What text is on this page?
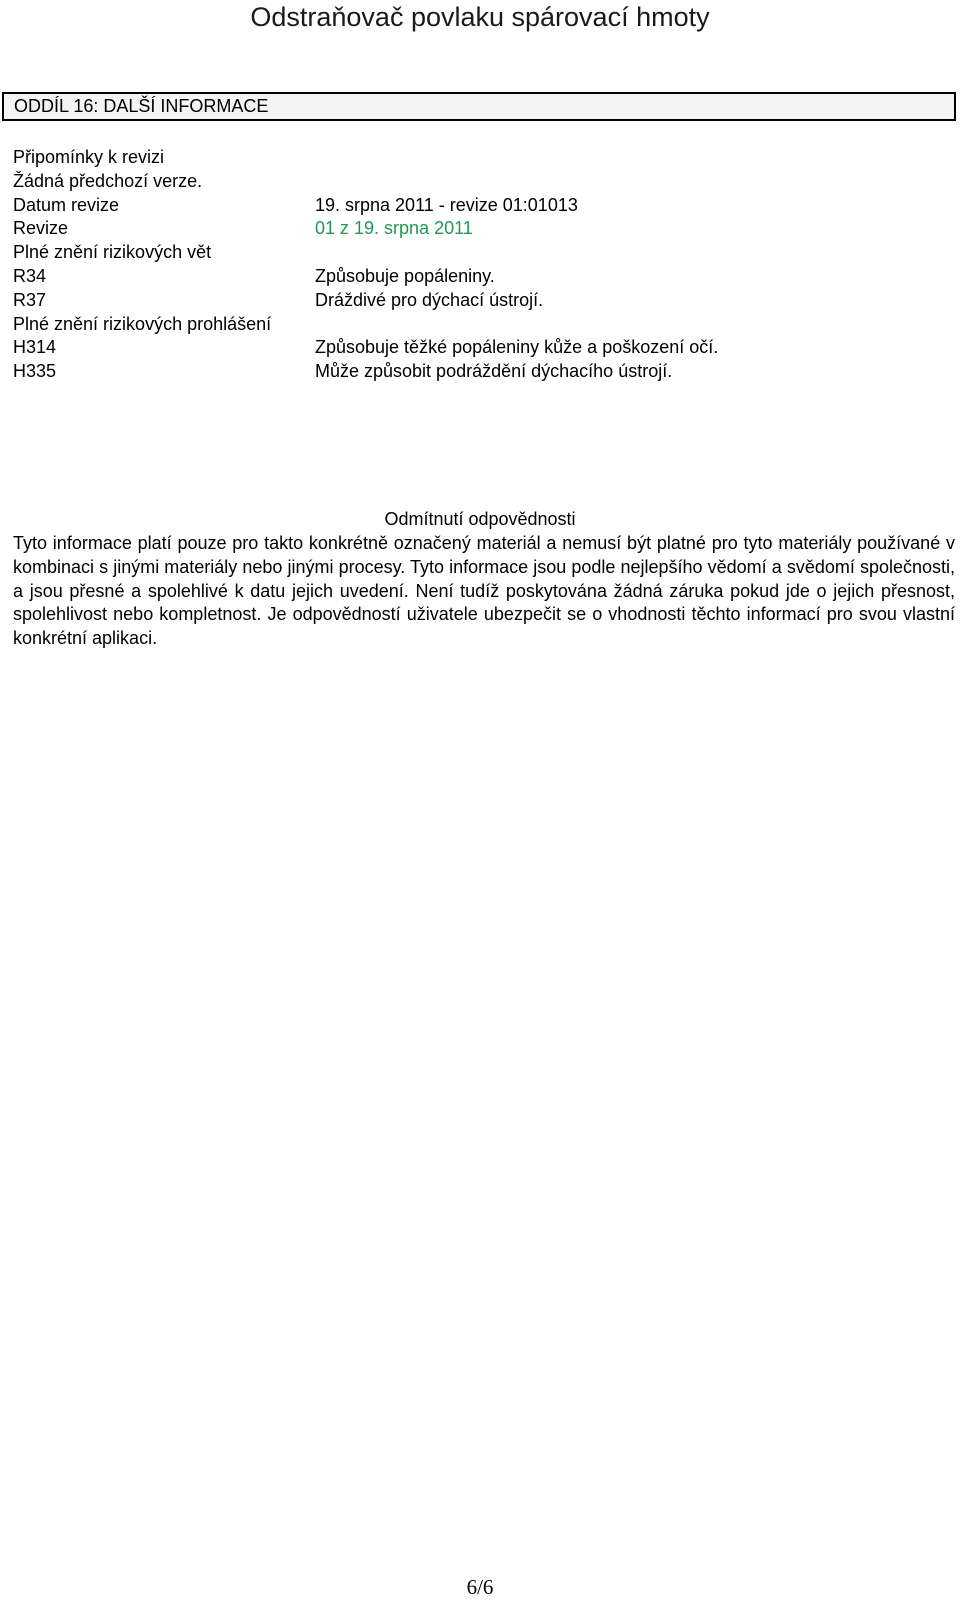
Odstraňovač povlaku spárovací hmoty
ODDÍL 16: DALŠÍ INFORMACE
Připomínky k revizi
Žádná předchozí verze.
Datum revize	19. srpna 2011 - revize 01:01013
Revize	01 z 19. srpna 2011
Plné znění rizikových vět
R34	Způsobuje popáleniny.
R37	Dráždivé pro dýchací ústrojí.
Plné znění rizikových prohlášení
H314	Způsobuje těžké popáleniny kůže a poškození očí.
H335	Může způsobit podráždění dýchacího ústrojí.
Odmítnutí odpovědnosti
Tyto informace platí pouze pro takto konkrétně označený materiál a nemusí být platné pro tyto materiály používané v kombinaci s jinými materiály nebo jinými procesy. Tyto informace jsou podle nejlepšího vědomí a svědomí společnosti, a jsou přesné a spolehlivé k datu jejich uvedení. Není tudíž poskytována žádná záruka pokud jde o jejich přesnost, spolehlivost nebo kompletnost. Je odpovědností uživatele ubezpečit se o vhodnosti těchto informací pro svou vlastní konkrétní aplikaci.
6/6
